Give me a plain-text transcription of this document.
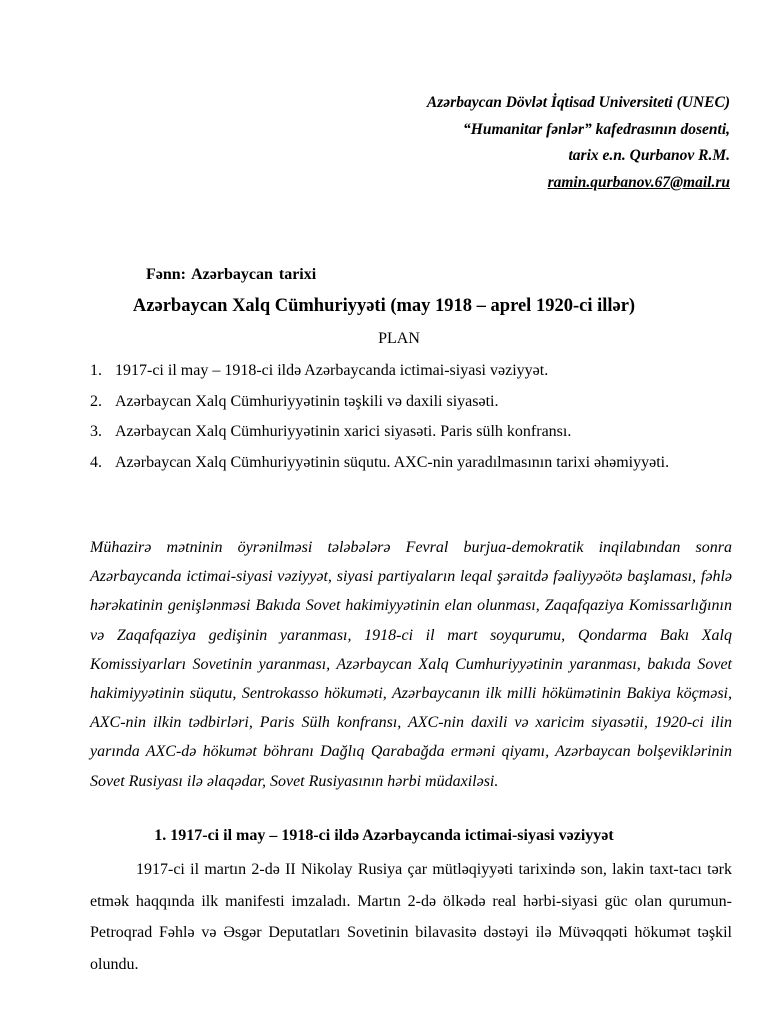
Azərbaycan Dövlət İqtisad Universiteti (UNEC)
“Humanitar fənlər” kafedrasının dosenti,
tarix e.n. Qurbanov R.M.
ramin.qurbanov.67@mail.ru
Fənn: Azərbaycan tarixi
Azərbaycan Xalq Cümhuriyyəti (may 1918 – aprel 1920-ci illər)
PLAN
1. 1917-ci il may – 1918-ci ildə Azərbaycanda ictimai-siyasi vəziyyət.
2. Azərbaycan Xalq Cümhuriyyətinin təşkili və daxili siyasəti.
3. Azərbaycan Xalq Cümhuriyyətinin xarici siyasəti. Paris sülh konfransı.
4. Azərbaycan Xalq Cümhuriyyətinin süqutu. AXC-nin yaradılmasının tarixi əhəmiyyəti.

Mühazirə mətninin öyrənilməsi tələbələrə Fevral burjua-demokratik inqilabından sonra Azərbaycanda ictimai-siyasi vəziyyət, siyasi partiyaların leqal şəraitdə fəaliyyəötə başlaması, fəhlə hərəkatinin genişlənməsi Bakıda Sovet hakimiyyətinin elan olunması, Zaqafqaziya Komissarlığının və Zaqafqaziya gedişinin yaranması, 1918-ci il mart soyqurumu, Qondarma Bakı Xalq Komissiyarları Sovetinin yaranması, Azərbaycan Xalq Cumhuriyyətinin yaranması, bakıda Sovet hakimiyyətinin süqutu, Sentrokasso hökuməti, Azərbaycanın ilk milli hökümətinin Bakiya köçməsi, AXC-nin ilkin tədbirləri, Paris Sülh konfransı, AXC-nin daxili və xaricim siyasətii, 1920-ci ilin yarında AXC-də hökumət böhranı Dağlıq Qarabağda erməni qiyamı, Azərbaycan bolşeviklərinin Sovet Rusiyası ilə əlaqədar, Sovet Rusiyasının hərbi müdaxiləsi.

1. 1917-ci il may – 1918-ci ildə Azərbaycanda ictimai-siyasi vəziyyət

1917-ci il martın 2-də II Nikolay Rusiya çar mütləqiyyəti tarixində son, lakin taxt-tacı tərk etmək haqqında ilk manifesti imzaladı. Martın 2-də ölkədə real hərbi-siyasi güc olan qurumun-Petroqrad Fəhlə və Əsgər Deputatları Sovetinin bilavasitə dəstəyi ilə Müvəqqəti hökumət təşkil olundu.
